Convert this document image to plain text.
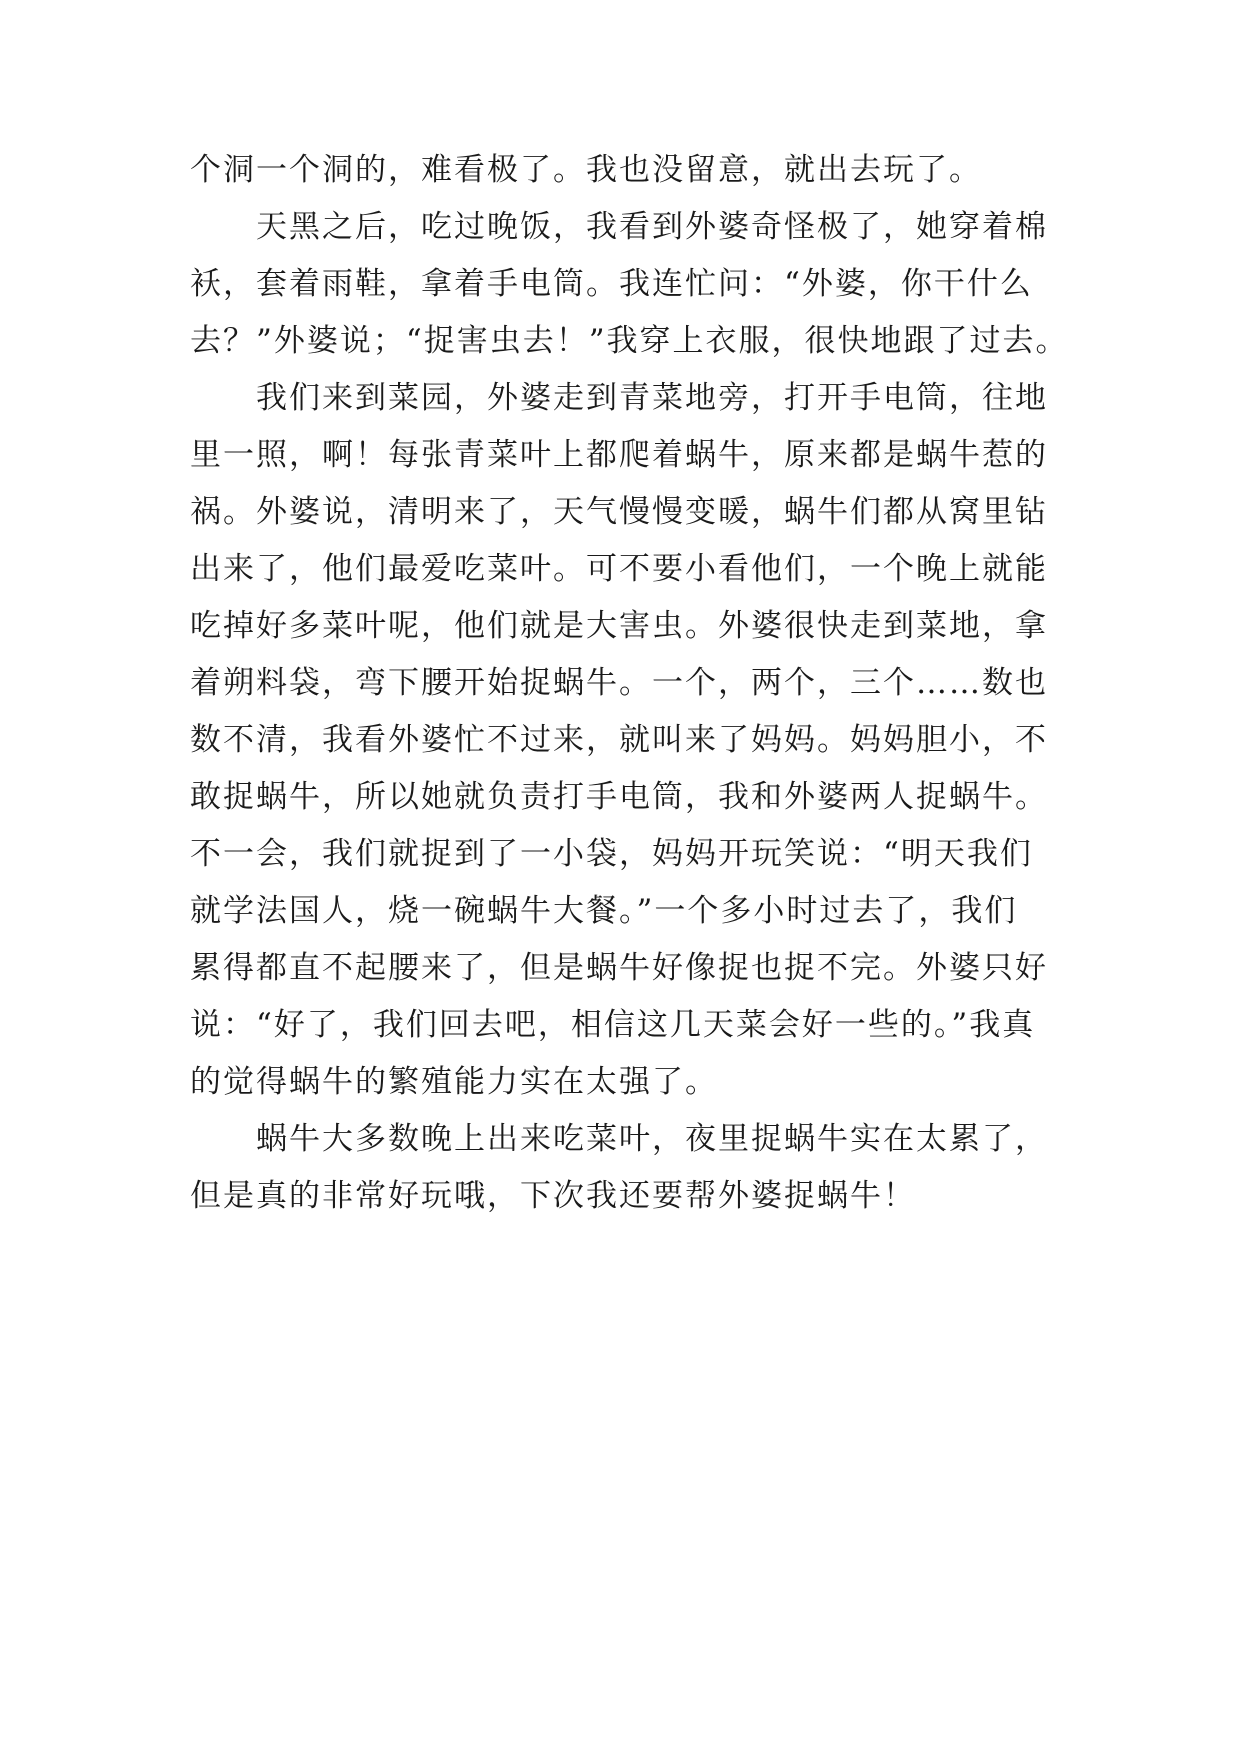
个洞一个洞的，难看极了。我也没留意，就出去玩了。
天黑之后，吃过晚饭，我看到外婆奇怪极了，她穿着棉
袄，套着雨鞋，拿着手电筒。我连忙问：“外婆，你干什么
去？”外婆说；“捉害虫去！”我穿上衣服，很快地跟了过去。
我们来到菜园，外婆走到青菜地旁，打开手电筒，往地
里一照，啊！每张青菜叶上都爬着蜗牛，原来都是蜗牛惹的
祸。外婆说，清明来了，天气慢慢变暖，蜗牛们都从窝里钻
出来了，他们最爱吃菜叶。可不要小看他们，一个晚上就能
吃掉好多菜叶呢，他们就是大害虫。外婆很快走到菜地，拿
着朔料袋，弯下腰开始捉蜗牛。一个，两个，三个……数也
数不清，我看外婆忙不过来，就叫来了妈妈。妈妈胆小，不
敢捉蜗牛，所以她就负责打手电筒，我和外婆两人捉蜗牛。
不一会，我们就捉到了一小袋，妈妈开玩笑说：“明天我们
就学法国人，烧一碗蜗牛大餐。”一个多小时过去了，我们
累得都直不起腰来了，但是蜗牛好像捉也捉不完。外婆只好
说：“好了，我们回去吧，相信这几天菜会好一些的。”我真
的觉得蜗牛的繁殖能力实在太强了。
蜗牛大多数晚上出来吃菜叶，夜里捉蜗牛实在太累了，
但是真的非常好玩哦，下次我还要帮外婆捉蜗牛！
